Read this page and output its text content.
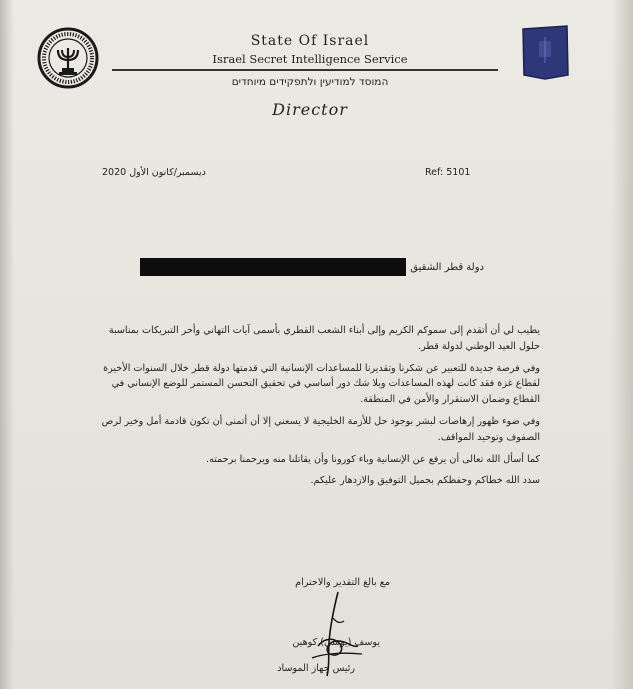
State Of Israel
Israel Secret Intelligence Service
המוסד למודיעין ולתפקידים מיוחדים
Director
ديسمبر/كانون الأول 2020	Ref: 5101
دولة قطر الشقيق

يطيب لي أن أتقدم إلى سموكم الكريم وإلى أبناء الشعب القطري بأسمى آيات التهاني وأحر التبريكات بمناسبة حلول العيد الوطني لدولة قطر.

وفي فرصة جديدة للتعبير عن شكرنا وتقديرنا للمساعدات الإنسانية التي قدمتها دولة قطر خلال السنوات الأخيرة لقطاع غزة فقد كانت لهذه المساعدات وبلا شك دور أساسي في تحقيق التحسن المستمر للوضع الإنساني في القطاع وضمان الاستقرار والأمن في المنطقة.

وفي ضوء ظهور إرهاصات لبشر بوجود حل للأزمة الخليجية لا يسعني إلا أن أتمنى أن تكون قادمة أمل وخير لرص الصفوف وتوحيد المواقف.

كما أسأل الله تعالى أن يرفع عن الإنسانية وباء كورونا وأن يقاتلنا منه ويرحمنا برحمته.

سدد الله خطاكم وحفظكم بجميل التوفيق والازدهار عليكم.

مع بالغ التقدير والاحترام
يوسف (يوسي) كوهين
رئيس جهاز الموساد
